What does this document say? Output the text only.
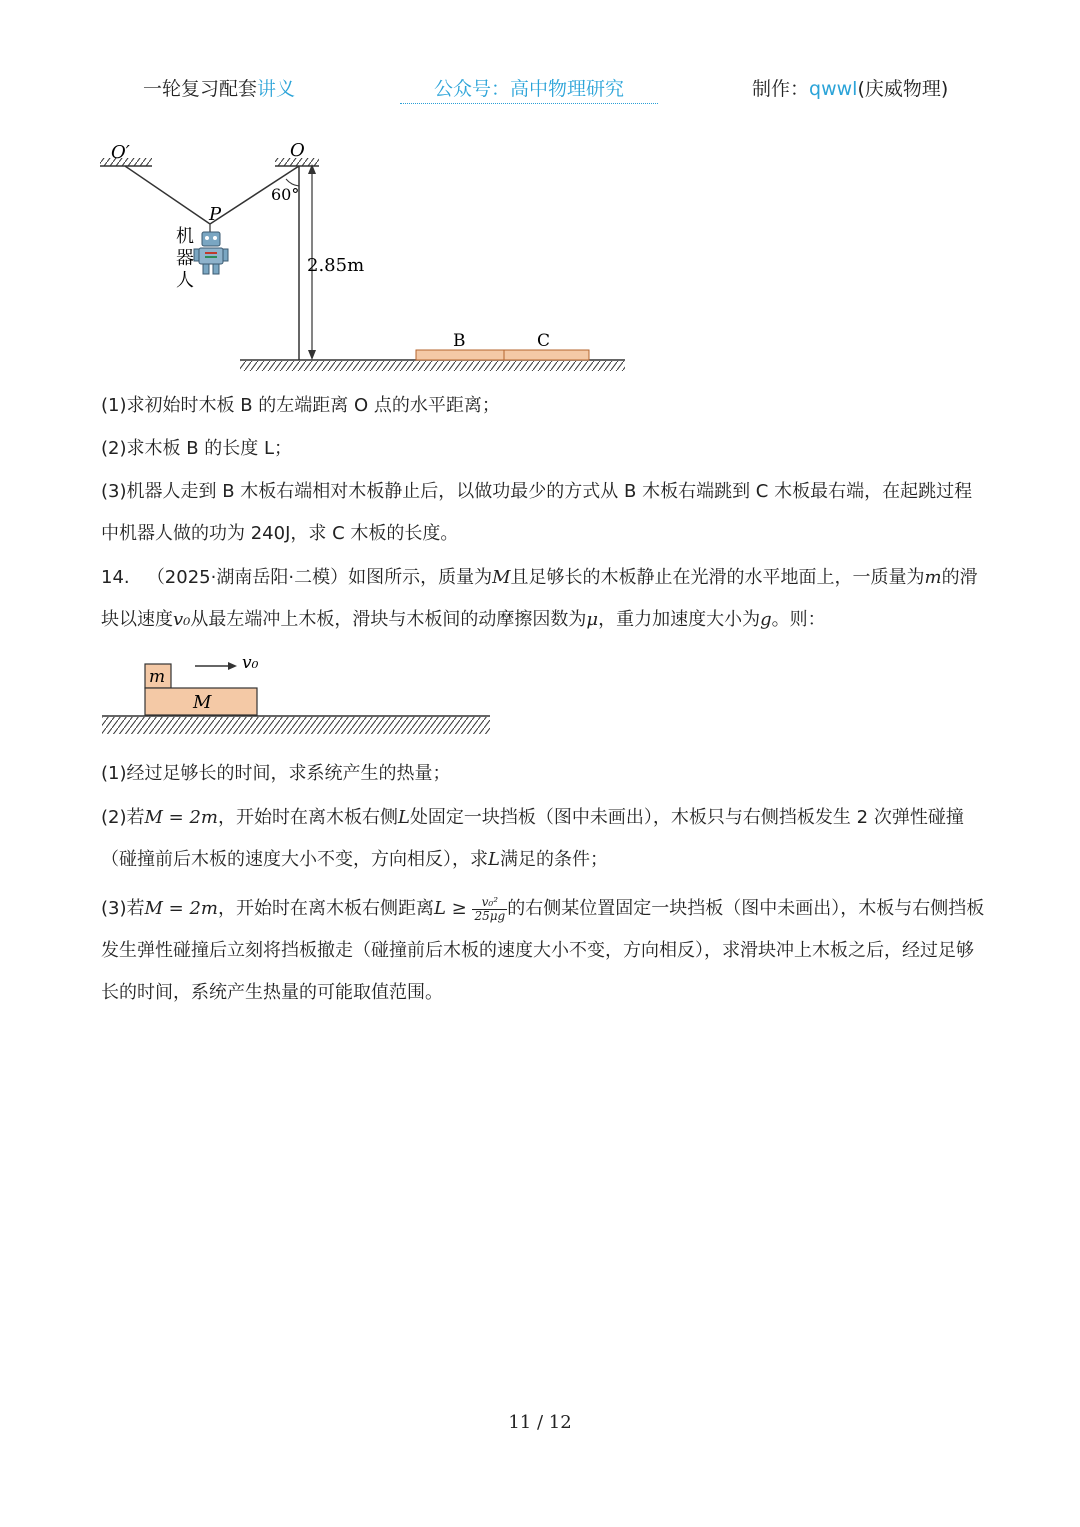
一轮复习配套讲义	公众号：高中物理研究	制作：qwwl(庆威物理)
O′	O
60°
P
机
器
人
2.85m
B	C
(1)求初始时木板 B 的左端距离 O 点的水平距离；
(2)求木板 B 的长度 L；
(3)机器人走到 B 木板右端相对木板静止后，以做功最少的方式从 B 木板右端跳到 C 木板最右端，在起跳过程中机器人做的功为 240J，求 C 木板的长度。
14. （2025·湖南岳阳·二模）如图所示，质量为M且足够长的木板静止在光滑的水平地面上，一质量为m的滑块以速度v₀从最左端冲上木板，滑块与木板间的动摩擦因数为μ，重力加速度大小为g。则：
m
M
v₀
(1)经过足够长的时间，求系统产生的热量；
(2)若M = 2m，开始时在离木板右侧L处固定一块挡板（图中未画出），木板只与右侧挡板发生 2 次弹性碰撞（碰撞前后木板的速度大小不变，方向相反），求L满足的条件；
(3)若M = 2m，开始时在离木板右侧距离$L \ge \frac{\text{v₀²}}{25\mu g}$ 的右侧某位置固定一块挡板（图中未画出），木板与右侧挡板发生弹性碰撞后立刻将挡板撤走（碰撞前后木板的速度大小不变，方向相反），求滑块冲上木板之后，经过足够长的时间，系统产生热量的可能取值范围。
11 / 12
